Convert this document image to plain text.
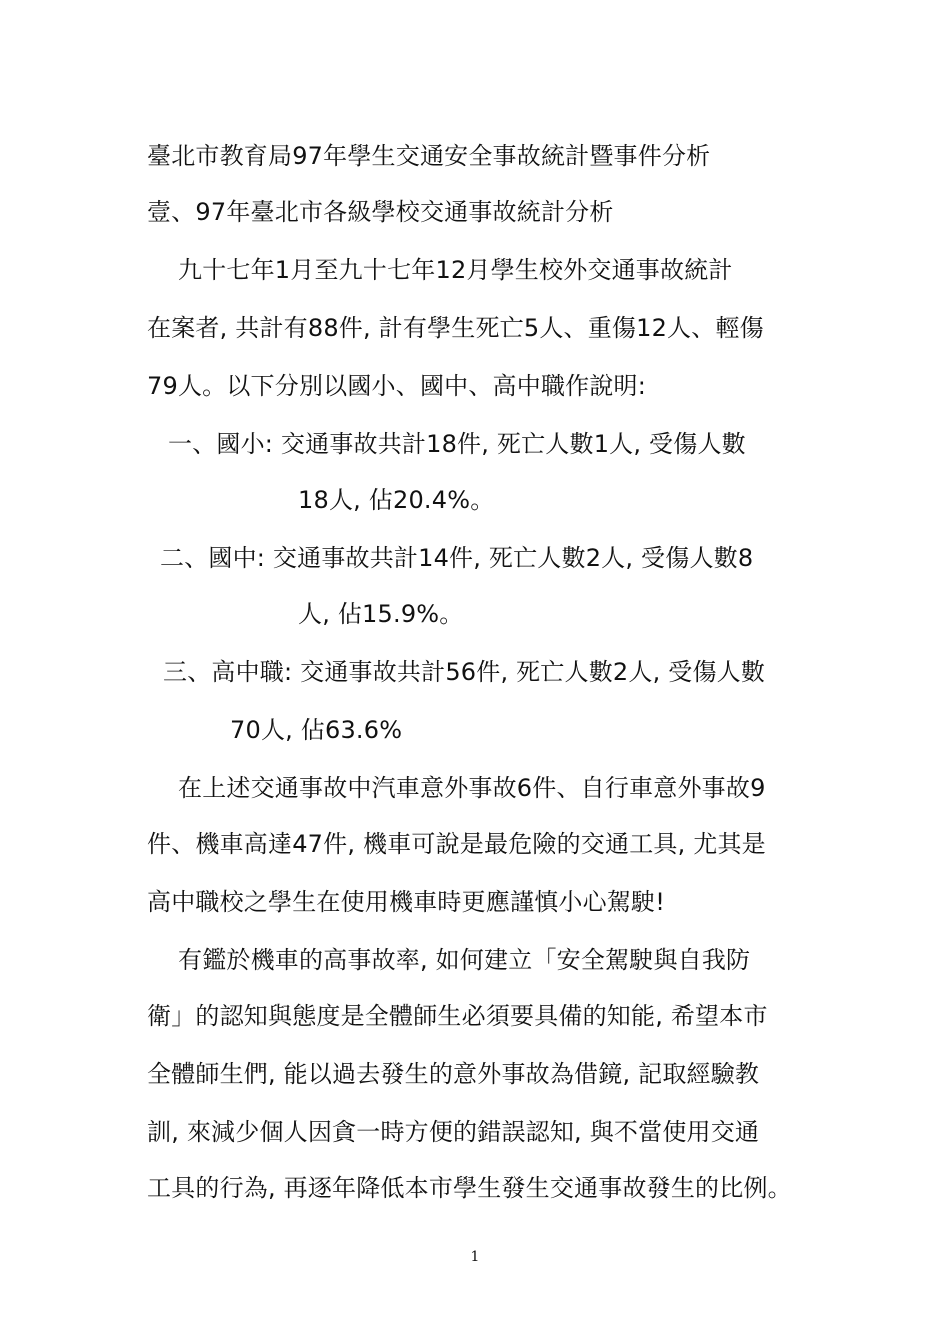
臺北市教育局97年學生交通安全事故統計暨事件分析
壹、97年臺北市各級學校交通事故統計分析
九十七年1月至九十七年12月學生校外交通事故統計
在案者, 共計有88件, 計有學生死亡5人、重傷12人、輕傷
79人。以下分別以國小、國中、高中職作說明:
一、國小: 交通事故共計18件, 死亡人數1人, 受傷人數
18人, 佔20.4%。
二、國中: 交通事故共計14件, 死亡人數2人, 受傷人數8
人, 佔15.9%。
三、高中職: 交通事故共計56件, 死亡人數2人, 受傷人數
70人, 佔63.6%
在上述交通事故中汽車意外事故6件、自行車意外事故9
件、機車高達47件, 機車可說是最危險的交通工具, 尤其是
高中職校之學生在使用機車時更應謹慎小心駕駛!
有鑑於機車的高事故率, 如何建立「安全駕駛與自我防
衛」的認知與態度是全體師生必須要具備的知能, 希望本市
全體師生們, 能以過去發生的意外事故為借鏡, 記取經驗教
訓, 來減少個人因貪一時方便的錯誤認知, 與不當使用交通
工具的行為, 再逐年降低本市學生發生交通事故發生的比例。
1
